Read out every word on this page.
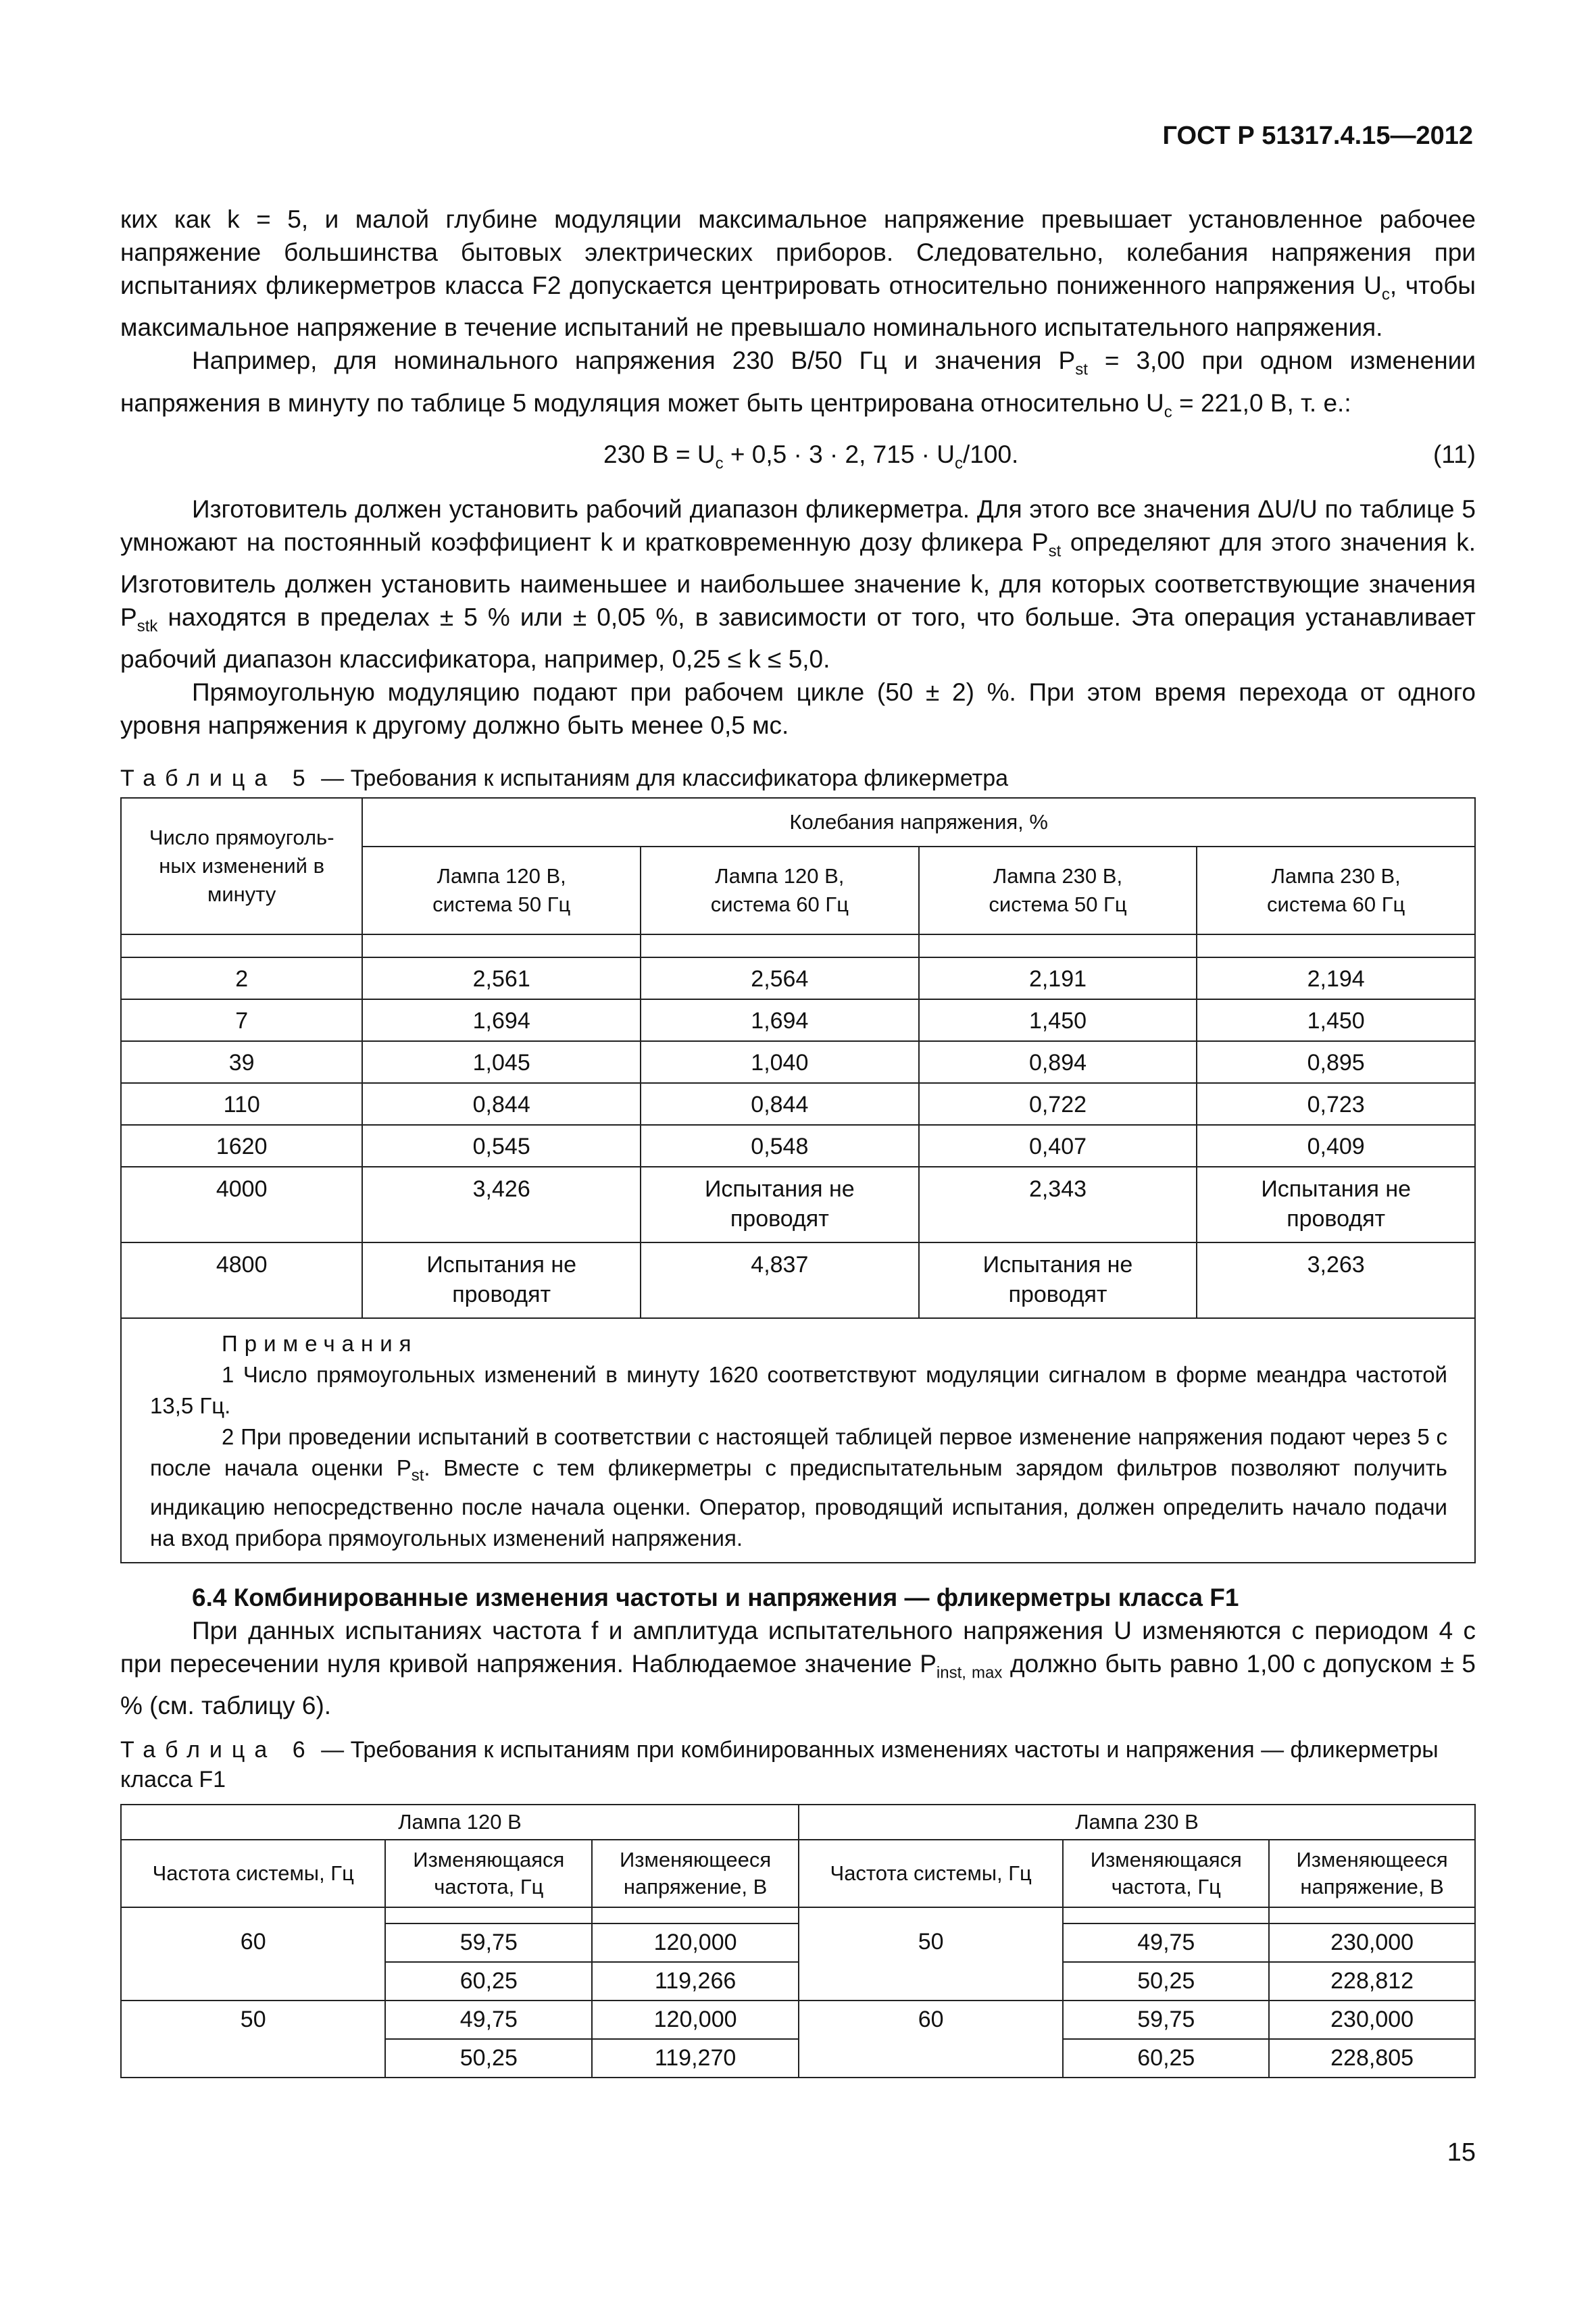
ГОСТ Р 51317.4.15—2012

ких как k = 5, и малой глубине модуляции максимальное напряжение превышает установленное рабочее напряжение большинства бытовых электрических приборов. Следовательно, колебания напряжения при испытаниях фликерметров класса F2 допускается центрировать относительно пониженного напряжения $U_c$, чтобы максимальное напряжение в течение испытаний не превышало номинального испытательного напряжения.

Например, для номинального напряжения 230 В/50 Гц и значения $P_{st} = 3,00$ при одном изменении напряжения в минуту по таблице 5 модуляция может быть центрирована относительно $U_c = 221,0$ В, т. е.:

230 $В = U_c + 0,5 \cdot 3 \cdot 2$, $715 \cdot U_c/100$.	(11)

Изготовитель должен установить рабочий диапазон фликерметра. Для этого все значения ΔU/U по таблице 5 умножают на постоянный коэффициент k и кратковременную дозу фликера $P_{st}$ определяют для этого значения k. Изготовитель должен установить наименьшее и наибольшее значение k, для которых соответствующие значения $P_{stk}$ находятся в пределах ± 5 % или ± 0,05 %, в зависимости от того, что больше. Эта операция устанавливает рабочий диапазон классификатора, например, 0,25 ≤ k ≤ 5,0.

Прямоугольную модуляцию подают при рабочем цикле (50 ± 2) %. При этом время перехода от одного уровня напряжения к другому должно быть менее 0,5 мс.

Таблица 5 — Требования к испытаниям для классификатора фликерметра
Число прямоуголь-ных изменений в минуту	Колебания напряжения, %			
	Лампа 120 В, система 50 Гц	Лампа 120 В, система 60 Гц	Лампа 230 В, система 50 Гц	Лампа 230 В, система 60 Гц

2	2,561	2,564	2,191	2,194
7	1,694	1,694	1,450	1,450
39	1,045	1,040	0,894	0,895
110	0,844	0,844	0,722	0,723
1620	0,545	0,548	0,407	0,409
4000	3,426	Испытания не проводят	2,343	Испытания не проводят
4800	Испытания не проводят	4,837	Испытания не проводят	3,263

Примечания

1 Число прямоугольных изменений в минуту 1620 соответствуют модуляции сигналом в форме меандра частотой 13,5 Гц.

2 При проведении испытаний в соответствии с настоящей таблицей первое изменение напряжения подают через 5 с после начала оценки $P_{st}$. Вместе с тем фликерметры с предиспытательным зарядом фильтров позволяют получить индикацию непосредственно после начала оценки. Оператор, проводящий испытания, должен определить начало подачи на вход прибора прямоугольных изменений напряжения.				

6.4 Комбинированные изменения частоты и напряжения — фликерметры класса F1

При данных испытаниях частота f и амплитуда испытательного напряжения U изменяются с периодом 4 с при пересечении нуля кривой напряжения. Наблюдаемое значение $P_{inst, max}$ должно быть равно 1,00 с допуском ± 5 % (см. таблицу 6).

Таблица 6 — Требования к испытаниям при комбинированных изменениях частоты и напряжения — фликерметры класса F1
Лампа 120 В			Лампа 230 В		
Частота системы, Гц	Изменяющаяся частота, Гц	Изменяющееся напряжение, В	Частота системы, Гц	Изменяющаяся частота, Гц	Изменяющееся напряжение, В

60	59,75	120,000	50	49,75	230,000
	60,25	119,266		50,25	228,812
50	49,75	120,000	60	59,75	230,000
	50,25	119,270		60,25	228,805
15
